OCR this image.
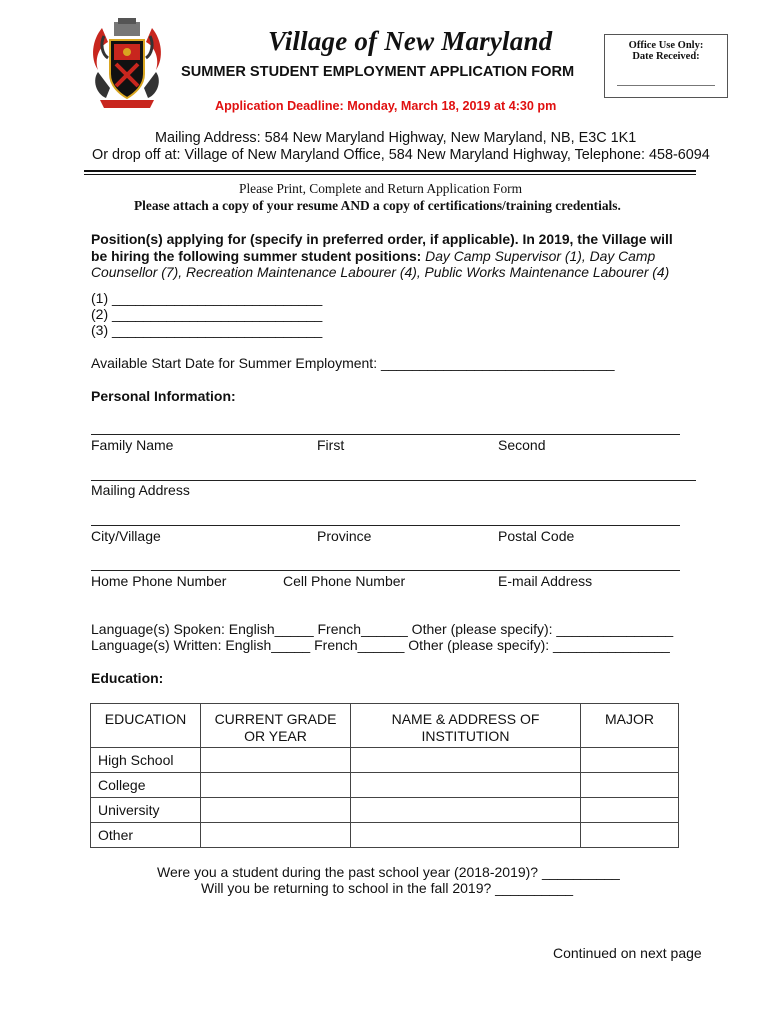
Village of New Maryland
SUMMER STUDENT EMPLOYMENT APPLICATION FORM
Application Deadline: Monday, March 18, 2019 at 4:30 pm
Office Use Only:
Date Received:
Mailing Address: 584 New Maryland Highway, New Maryland, NB, E3C 1K1
Or drop off at: Village of New Maryland Office, 584 New Maryland Highway, Telephone: 458-6094
Please Print, Complete and Return Application Form
Please attach a copy of your resume AND a copy of certifications/training credentials.
Position(s) applying for (specify in preferred order, if applicable). In 2019, the Village will be hiring the following summer student positions: Day Camp Supervisor (1), Day Camp Counsellor (7), Recreation Maintenance Labourer (4), Public Works Maintenance Labourer (4)
(1) ___________________________
(2) ___________________________
(3) ___________________________
Available Start Date for Summer Employment: ______________________________
Personal Information:
Family Name	First	Second
Mailing Address
City/Village	Province	Postal Code
Home Phone Number	Cell Phone Number	E-mail Address
Language(s) Spoken: English_____ French______ Other (please specify): _______________
Language(s) Written: English_____ French______ Other (please specify): _______________
Education:
EDUCATION	CURRENT GRADE OR YEAR	NAME & ADDRESS OF INSTITUTION	MAJOR
High School			
College			
University			
Other			
Were you a student during the past school year (2018-2019)? __________
Will you be returning to school in the fall 2019? __________
Continued on next page
